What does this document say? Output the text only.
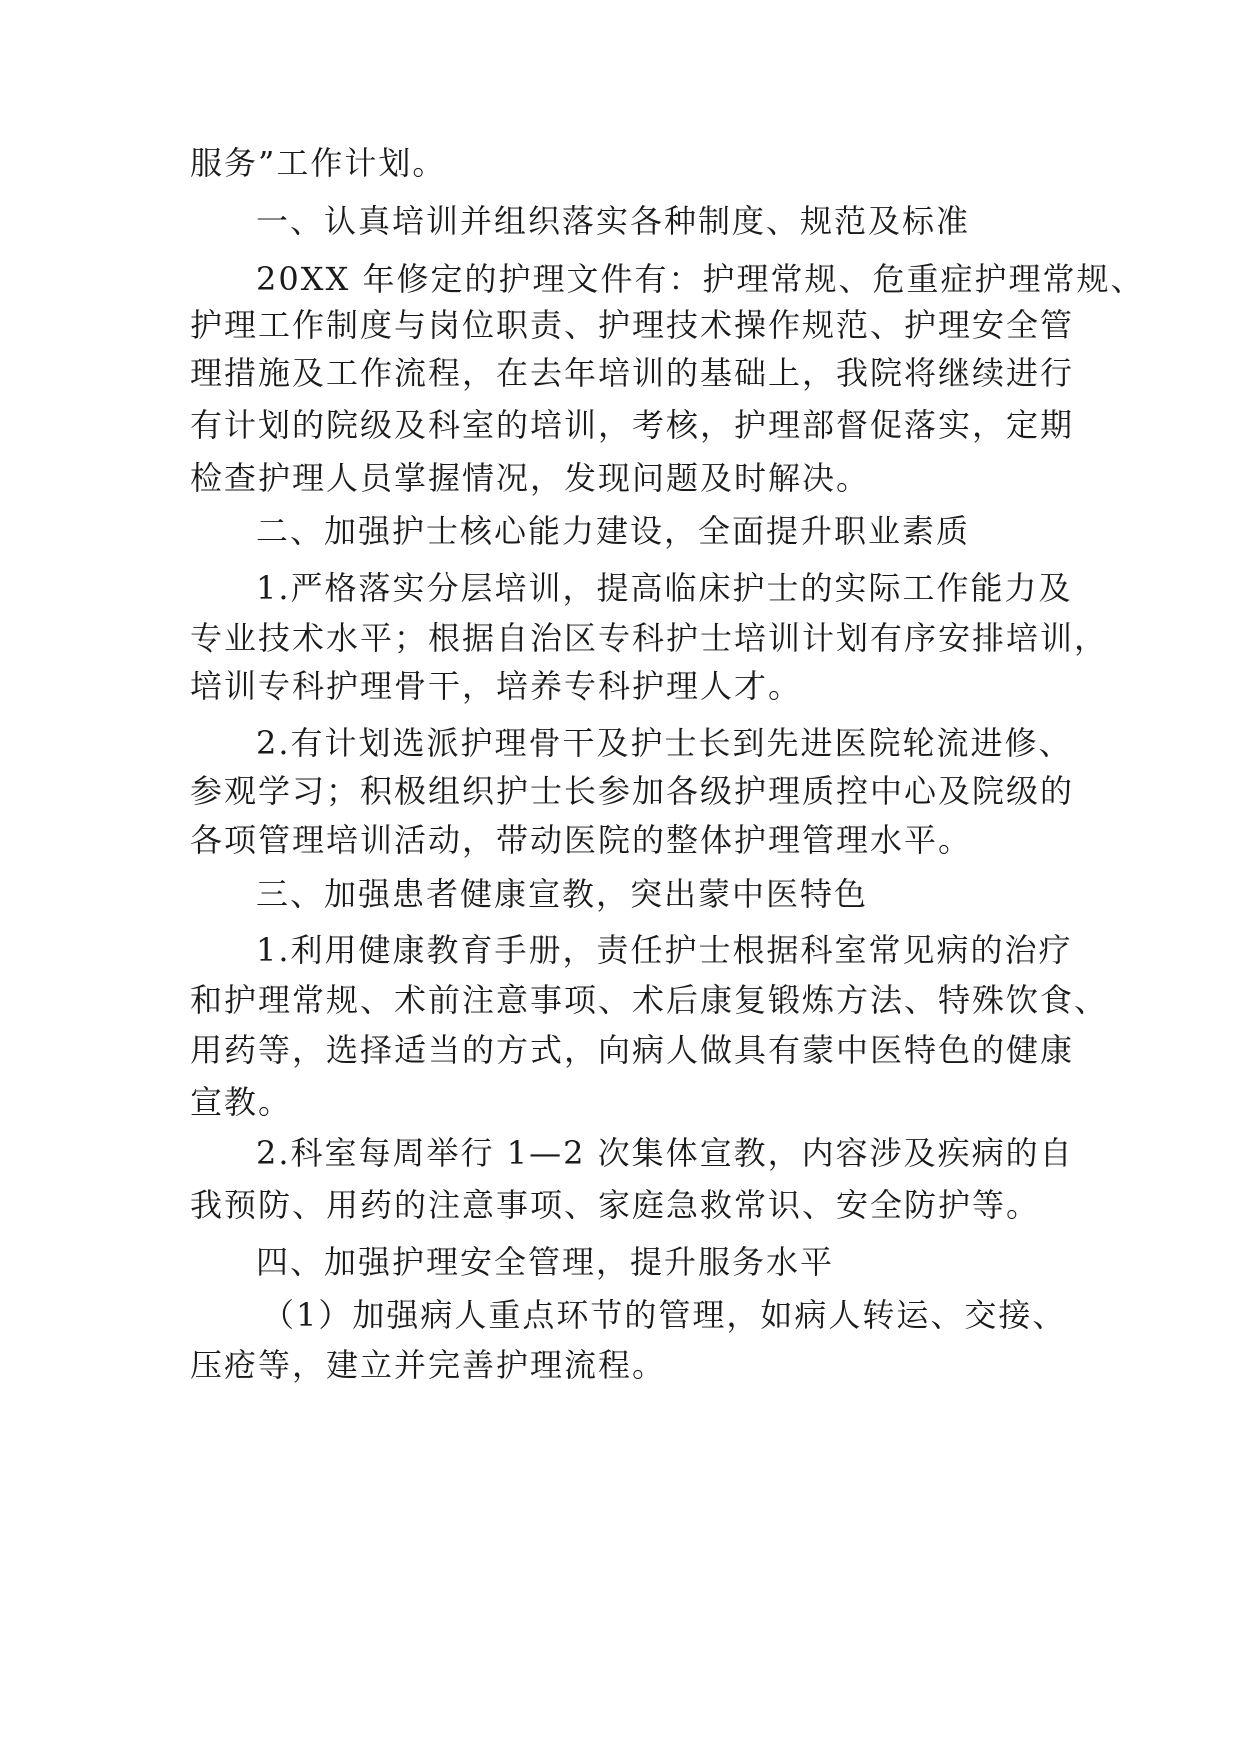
服务”工作计划。
一、认真培训并组织落实各种制度、规范及标准
20XX 年修定的护理文件有：护理常规、危重症护理常规、
护理工作制度与岗位职责、护理技术操作规范、护理安全管
理措施及工作流程，在去年培训的基础上，我院将继续进行
有计划的院级及科室的培训，考核，护理部督促落实，定期
检查护理人员掌握情况，发现问题及时解决。
二、加强护士核心能力建设，全面提升职业素质
1.严格落实分层培训，提高临床护士的实际工作能力及
专业技术水平；根据自治区专科护士培训计划有序安排培训，
培训专科护理骨干，培养专科护理人才。
2.有计划选派护理骨干及护士长到先进医院轮流进修、
参观学习；积极组织护士长参加各级护理质控中心及院级的
各项管理培训活动，带动医院的整体护理管理水平。
三、加强患者健康宣教，突出蒙中医特色
1.利用健康教育手册，责任护士根据科室常见病的治疗
和护理常规、术前注意事项、术后康复锻炼方法、特殊饮食、
用药等，选择适当的方式，向病人做具有蒙中医特色的健康
宣教。
2.科室每周举行 1—2 次集体宣教，内容涉及疾病的自
我预防、用药的注意事项、家庭急救常识、安全防护等。
四、加强护理安全管理，提升服务水平
（1）加强病人重点环节的管理，如病人转运、交接、
压疮等，建立并完善护理流程。
